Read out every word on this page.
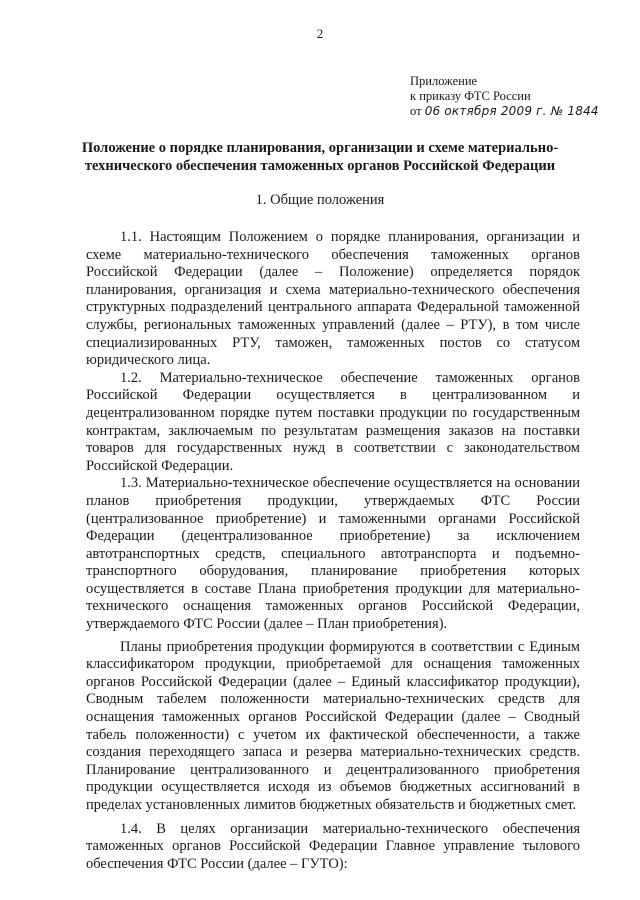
2
Приложение
к приказу ФТС России
от 06 октября 2009 г. № 1844
Положение о порядке планирования, организации и схеме материально-
технического обеспечения таможенных органов Российской Федерации
1. Общие положения

1.1. Настоящим Положением о порядке планирования, организации и схеме материально-технического обеспечения таможенных органов Российской Федерации (далее – Положение) определяется порядок планирования, организация и схема материально-технического обеспечения структурных подразделений центрального аппарата Федеральной таможенной службы, региональных таможенных управлений (далее – РТУ), в том числе специализированных РТУ, таможен, таможенных постов со статусом юридического лица.

1.2. Материально-техническое обеспечение таможенных органов Российской Федерации осуществляется в централизованном и децентрализованном порядке путем поставки продукции по государственным контрактам, заключаемым по результатам размещения заказов на поставки товаров для государственных нужд в соответствии с законодательством Российской Федерации.

1.3. Материально-техническое обеспечение осуществляется на основании планов приобретения продукции, утверждаемых ФТС России (централизованное приобретение) и таможенными органами Российской Федерации (децентрализованное приобретение) за исключением автотранспортных средств, специального автотранспорта и подъемно-транспортного оборудования, планирование приобретения которых осуществляется в составе Плана приобретения продукции для материально-технического оснащения таможенных органов Российской Федерации, утверждаемого ФТС России (далее – План приобретения).

Планы приобретения продукции формируются в соответствии с Единым классификатором продукции, приобретаемой для оснащения таможенных органов Российской Федерации (далее – Единый классификатор продукции), Сводным табелем положенности материально-технических средств для оснащения таможенных органов Российской Федерации (далее – Сводный табель положенности) с учетом их фактической обеспеченности, а также создания переходящего запаса и резерва материально-технических средств. Планирование централизованного и децентрализованного приобретения продукции осуществляется исходя из объемов бюджетных ассигнований в пределах установленных лимитов бюджетных обязательств и бюджетных смет.

1.4. В целях организации материально-технического обеспечения таможенных органов Российской Федерации Главное управление тылового обеспечения ФТС России (далее – ГУТО):
